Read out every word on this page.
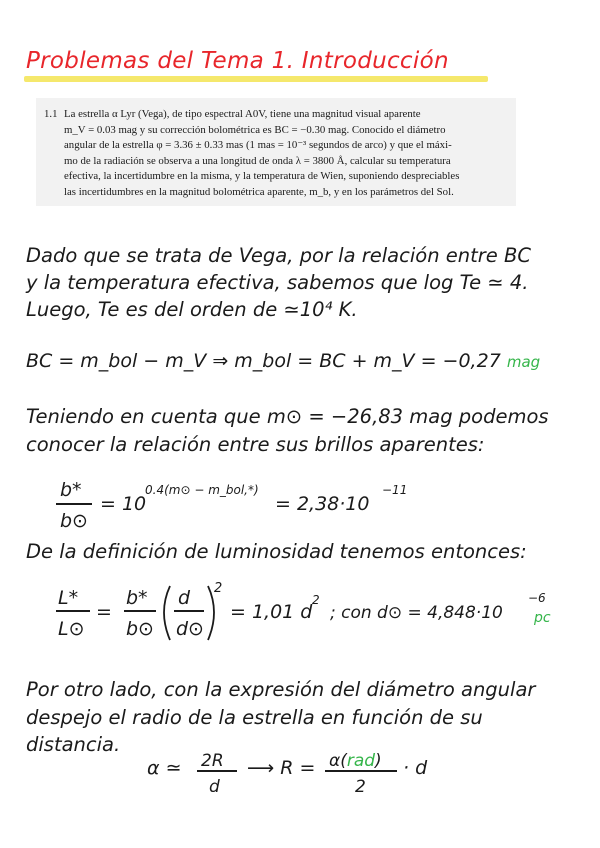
Problemas del Tema 1. Introducción
1.1 La estrella α Lyr (Vega), de tipo espectral A0V, tiene una magnitud visual aparente
m_V = 0.03 mag y su corrección bolométrica es BC = −0.30 mag. Conocido el diámetro
angular de la estrella φ = 3.36 ± 0.33 mas (1 mas = 10⁻³ segundos de arco) y que el máxi-
mo de la radiación se observa a una longitud de onda λ = 3800 Å, calcular su temperatura
efectiva, la incertidumbre en la misma, y la temperatura de Wien, suponiendo despreciables
las incertidumbres en la magnitud bolométrica aparente, m_b, y en los parámetros del Sol.
Dado que se trata de Vega, por la relación entre BC
y la temperatura efectiva, sabemos que log Te ≃ 4.
Luego, Te es del orden de ≃10⁴ K.
BC = m_bol − m_V ⇒ m_bol = BC + m_V = −0,27 mag
Teniendo en cuenta que m⊙ = −26,83 mag podemos
conocer la relación entre sus brillos aparentes:
b*
b⊙
= 10
0.4(m⊙ − m_bol,*)
= 2,38·10
−11
De la definición de luminosidad tenemos entonces:
L*
L⊙
=
b*
b⊙
d
d⊙
2
= 1,01 d
2
; con d⊙ = 4,848·10
−6
pc
Por otro lado, con la expresión del diámetro angular
despejo el radio de la estrella en función de su
distancia.
α ≃ 2R
d
⟶ R = α(rad)
2
· d
